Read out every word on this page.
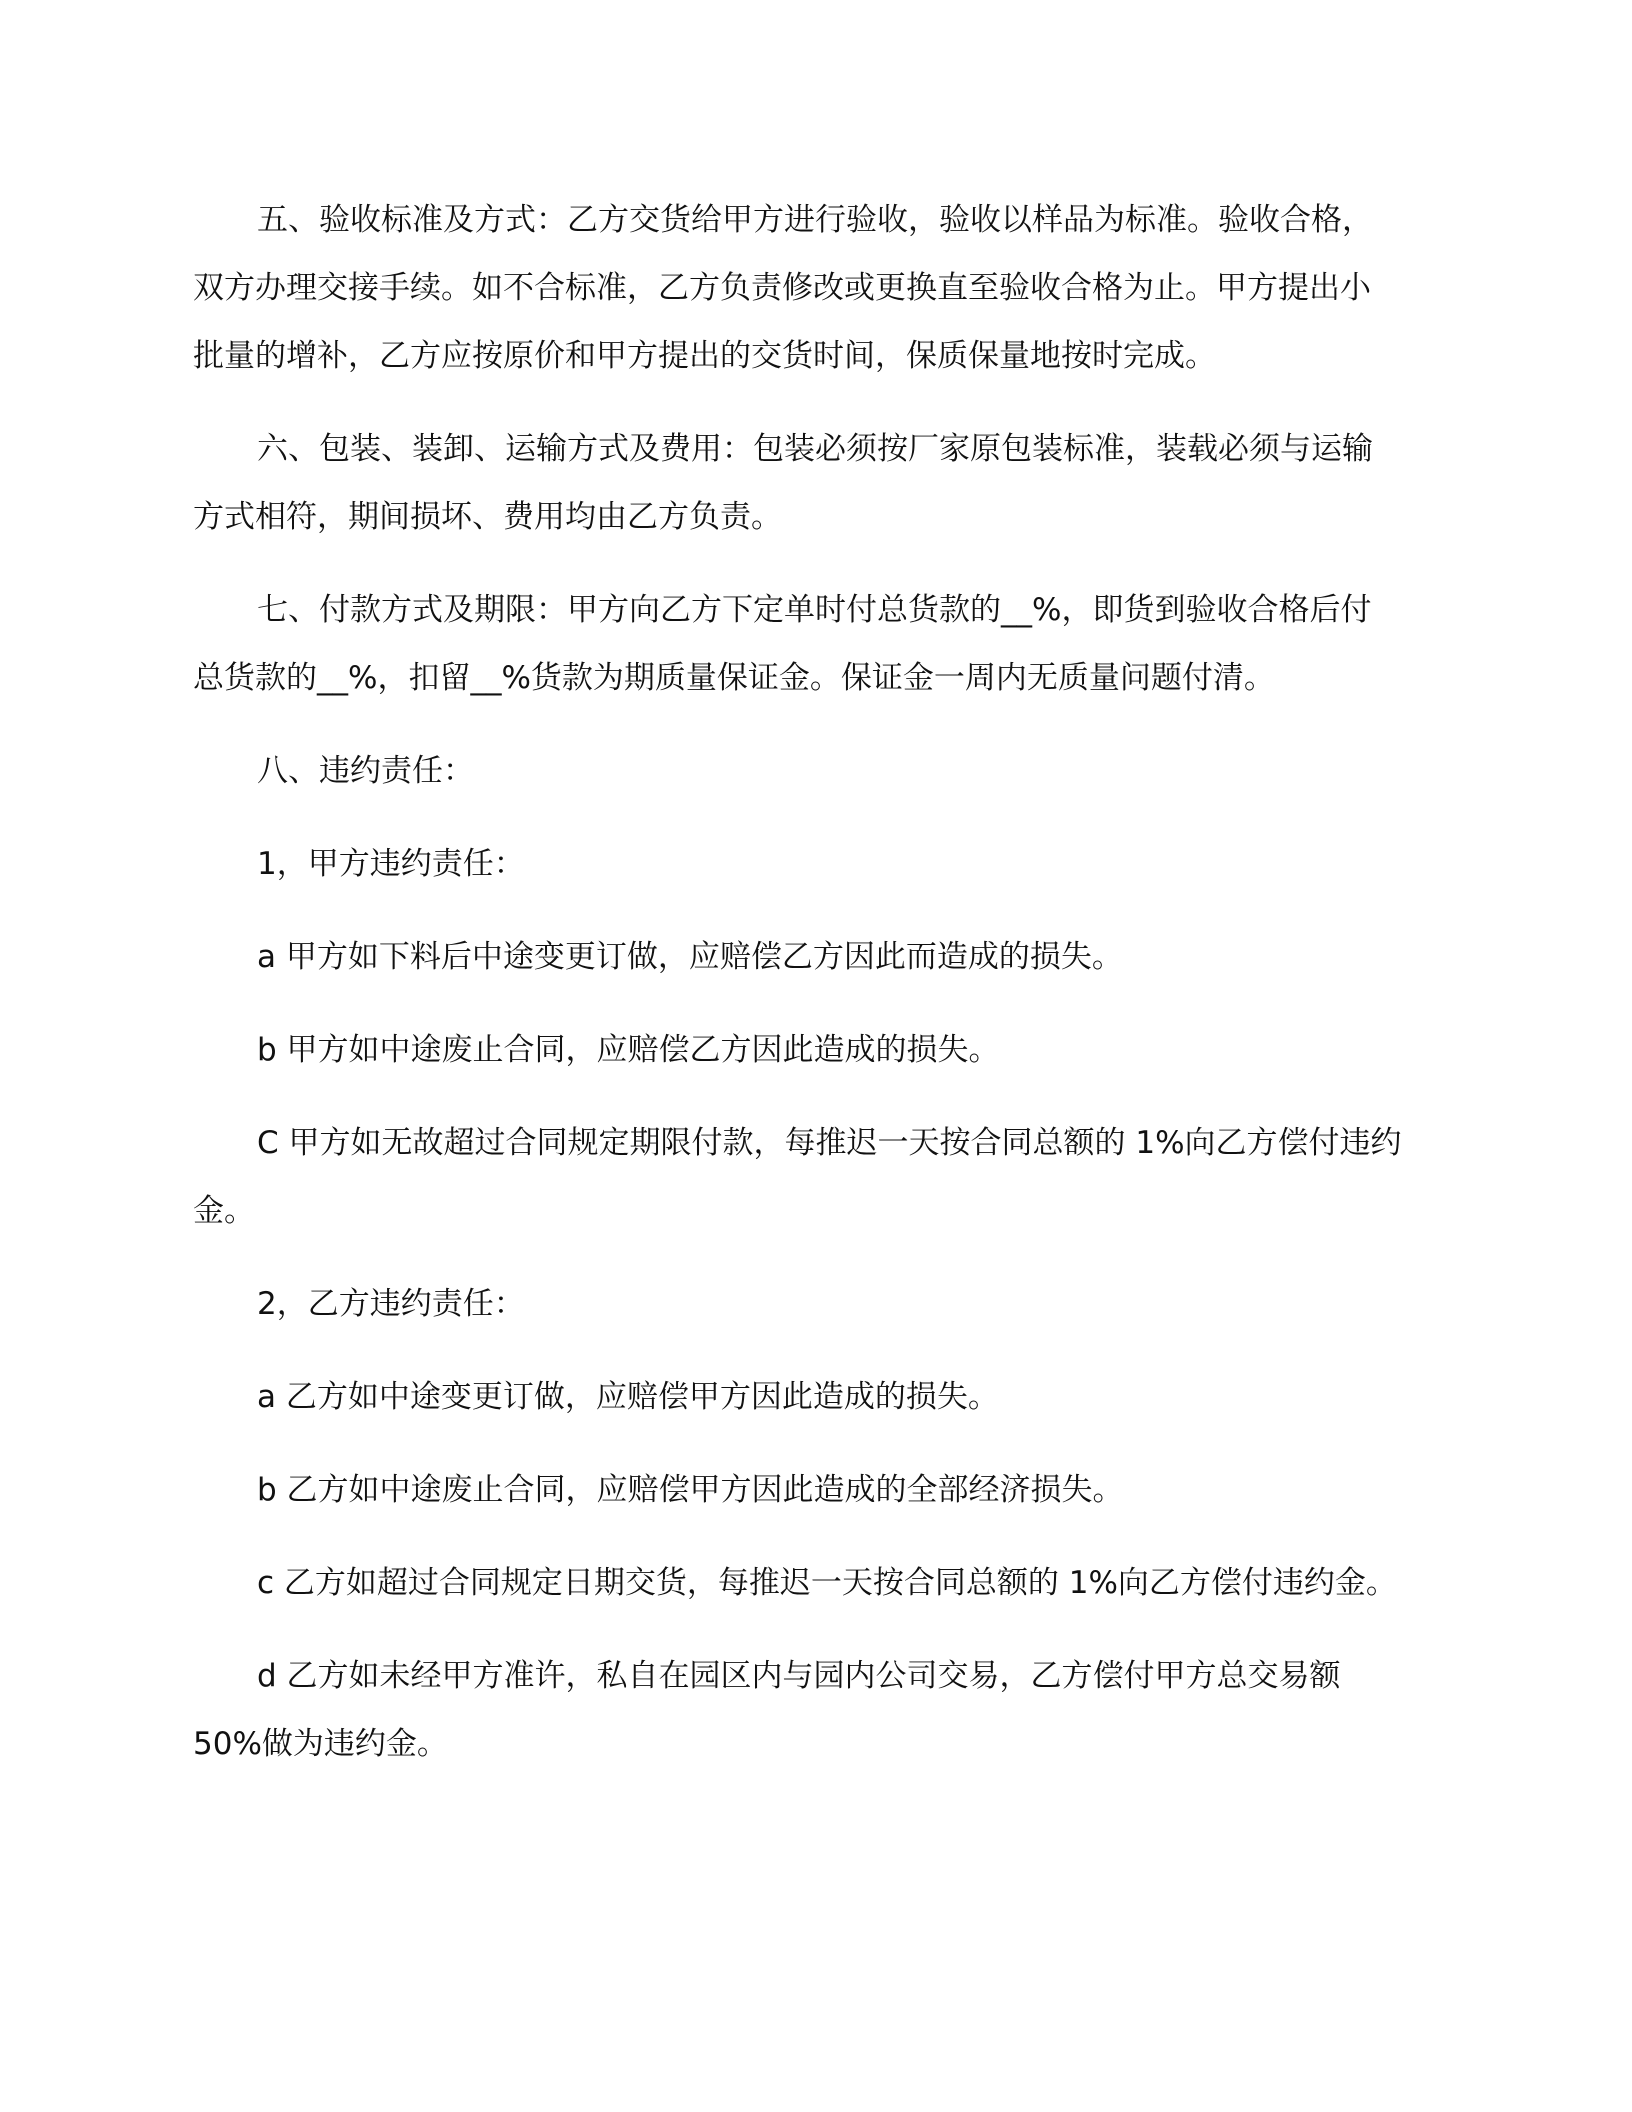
五、验收标准及方式：乙方交货给甲方进行验收，验收以样品为标准。验收合格，
双方办理交接手续。如不合标准，乙方负责修改或更换直至验收合格为止。甲方提出小
批量的增补，乙方应按原价和甲方提出的交货时间，保质保量地按时完成。
六、包装、装卸、运输方式及费用：包装必须按厂家原包装标准，装载必须与运输
方式相符，期间损坏、费用均由乙方负责。
七、付款方式及期限：甲方向乙方下定单时付总货款的__%，即货到验收合格后付
总货款的__%，扣留__%货款为期质量保证金。保证金一周内无质量问题付清。
八、违约责任：
1，甲方违约责任：
a 甲方如下料后中途变更订做，应赔偿乙方因此而造成的损失。
b 甲方如中途废止合同，应赔偿乙方因此造成的损失。
C 甲方如无故超过合同规定期限付款，每推迟一天按合同总额的 1%向乙方偿付违约
金。
2，乙方违约责任：
a 乙方如中途变更订做，应赔偿甲方因此造成的损失。
b 乙方如中途废止合同，应赔偿甲方因此造成的全部经济损失。
c 乙方如超过合同规定日期交货，每推迟一天按合同总额的 1%向乙方偿付违约金。
d 乙方如未经甲方准许，私自在园区内与园内公司交易，乙方偿付甲方总交易额
50%做为违约金。
